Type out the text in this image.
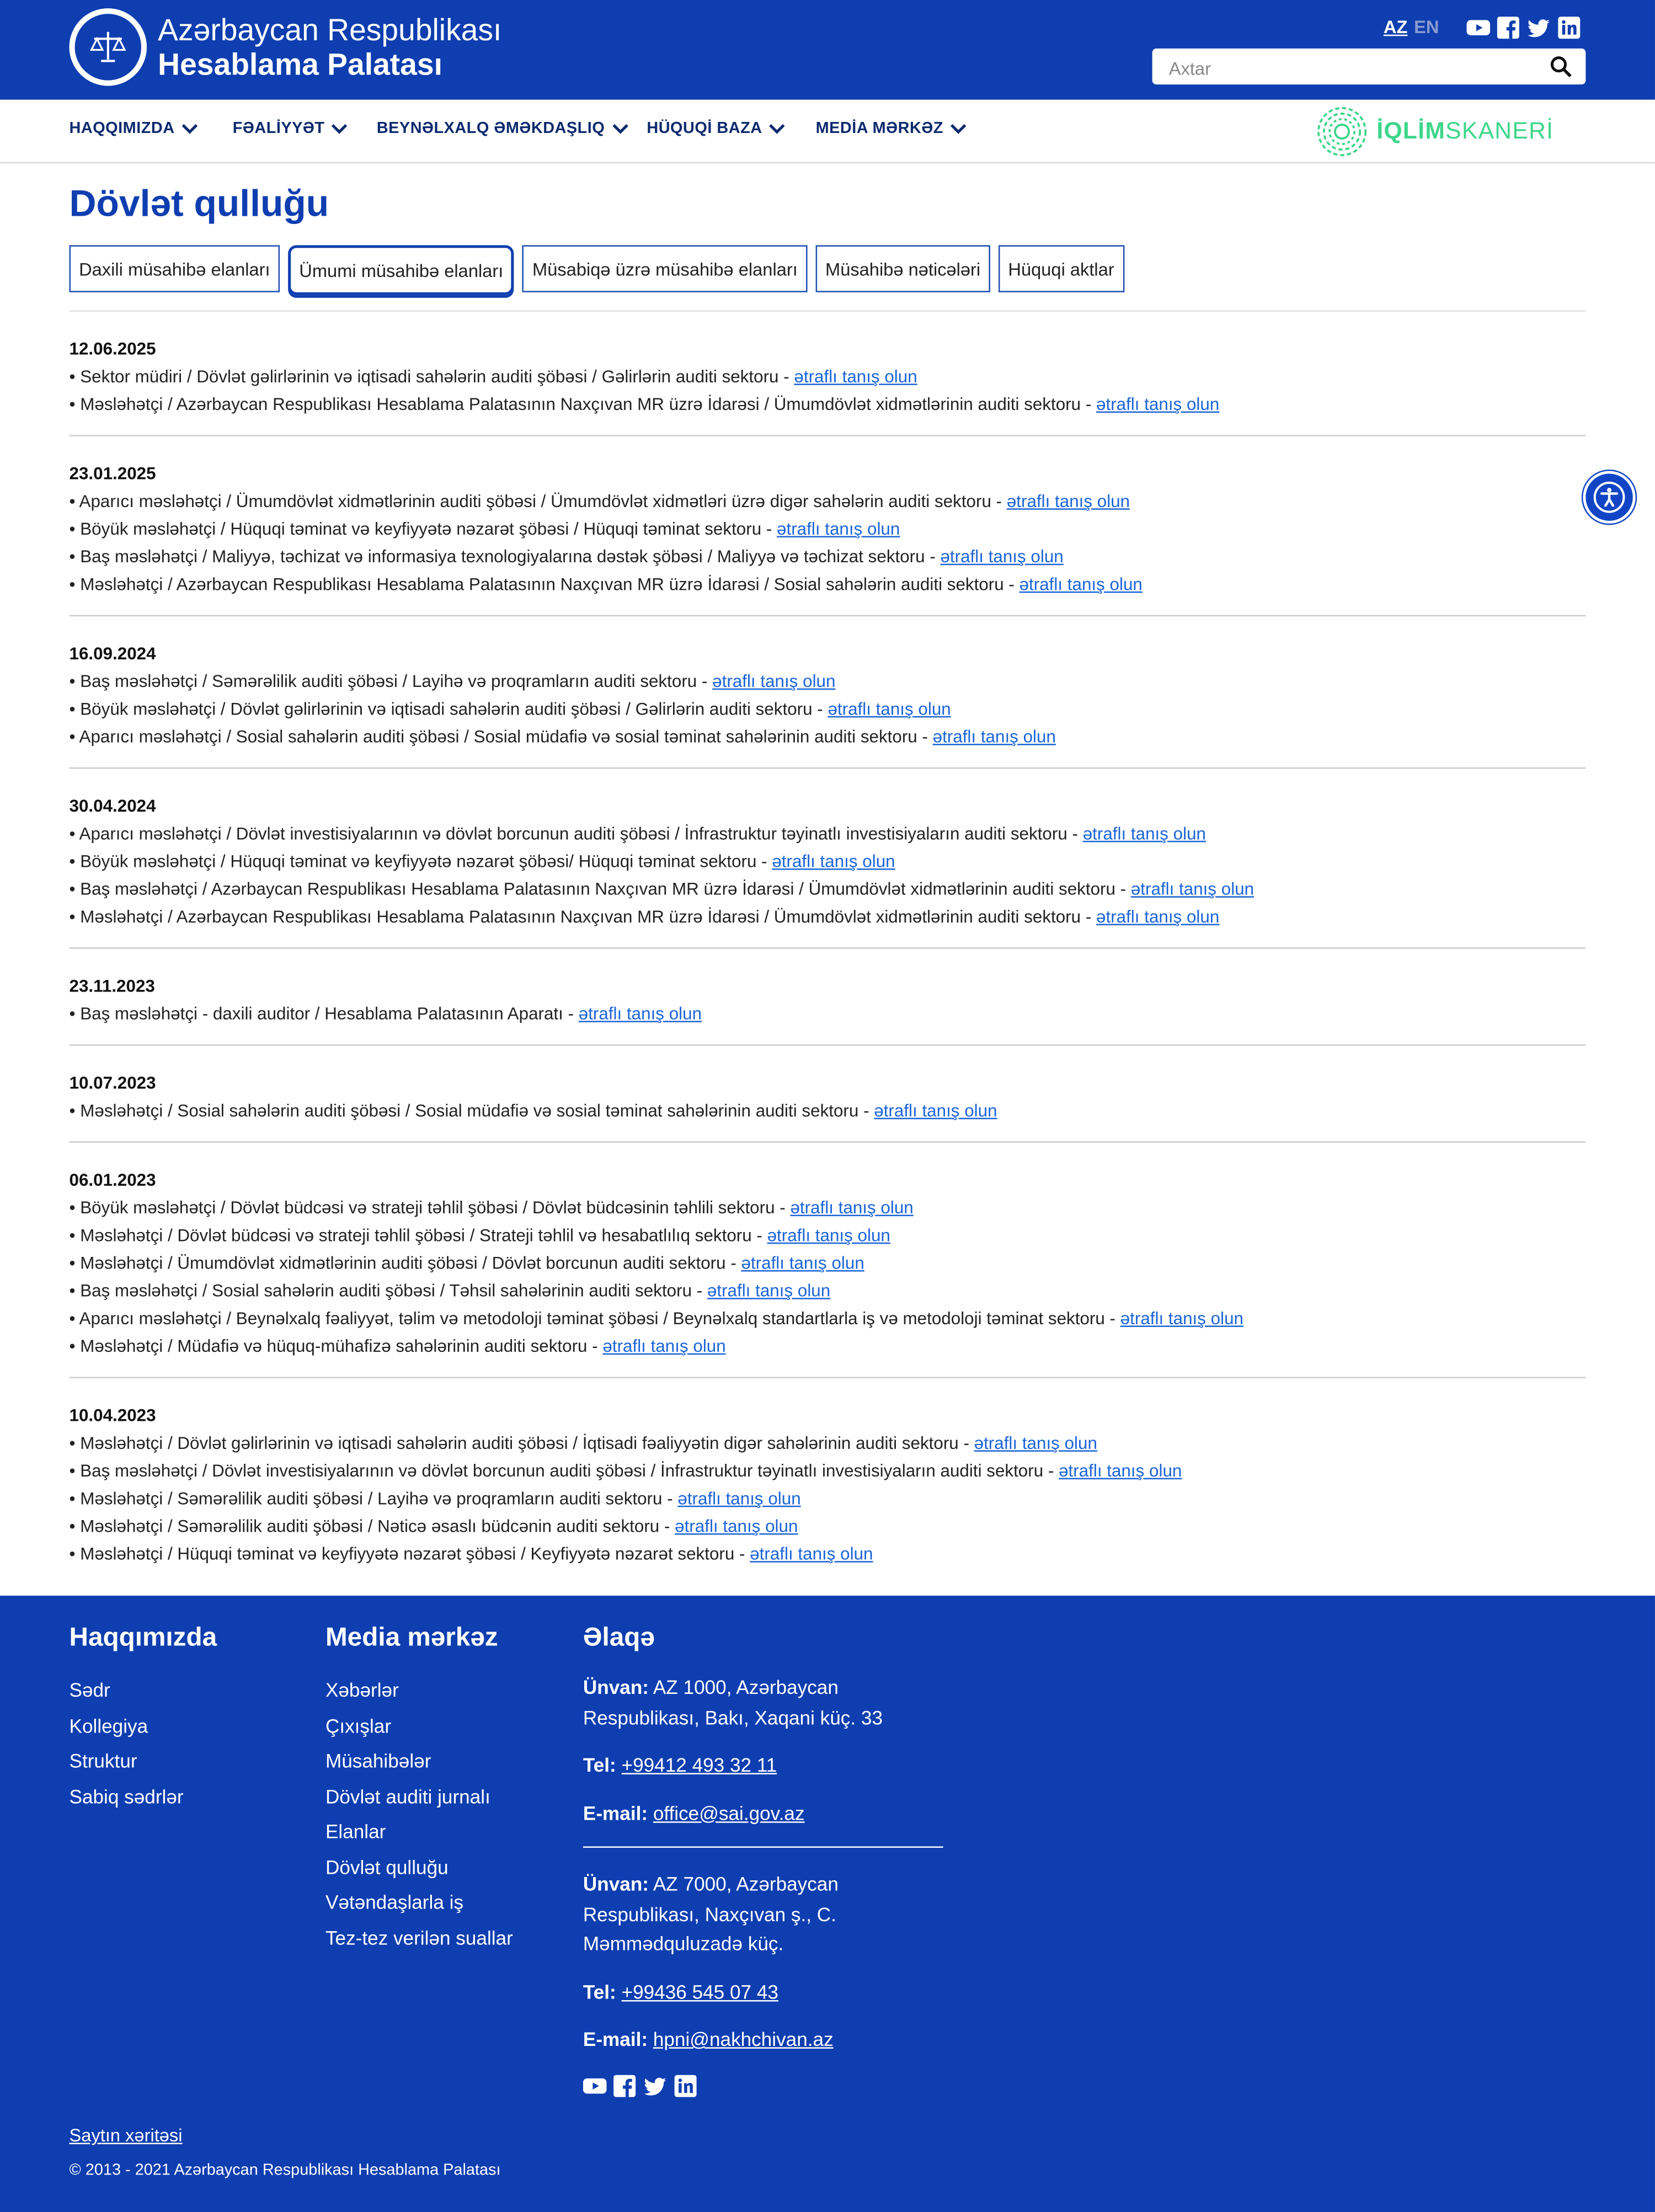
Azərbaycan Respublikası
Hesablama Palatası
AZ EN
Axtar
HAQQIMIZDA	FƏALİYYƏT	BEYNƏLXALQ ƏMƏKDAŞLIQ	HÜQUQİ BAZA	MEDİA MƏRKƏZ	İQLİMSKANERİ
Dövlət qulluğu
Daxili müsahibə elanları	Ümumi müsahibə elanları	Müsabiqə üzrə müsahibə elanları	Müsahibə nəticələri	Hüquqi aktlar
12.06.2025
• Sektor müdiri / Dövlət gəlirlərinin və iqtisadi sahələrin auditi şöbəsi / Gəlirlərin auditi sektoru - ətraflı tanış olun
• Məsləhətçi / Azərbaycan Respublikası Hesablama Palatasının Naxçıvan MR üzrə İdarəsi / Ümumdövlət xidmətlərinin auditi sektoru - ətraflı tanış olun
23.01.2025
• Aparıcı məsləhətçi / Ümumdövlət xidmətlərinin auditi şöbəsi / Ümumdövlət xidmətləri üzrə digər sahələrin auditi sektoru - ətraflı tanış olun
• Böyük məsləhətçi / Hüquqi təminat və keyfiyyətə nəzarət şöbəsi / Hüquqi təminat sektoru - ətraflı tanış olun
• Baş məsləhətçi / Maliyyə, təchizat və informasiya texnologiyalarına dəstək şöbəsi / Maliyyə və təchizat sektoru - ətraflı tanış olun
• Məsləhətçi / Azərbaycan Respublikası Hesablama Palatasının Naxçıvan MR üzrə İdarəsi / Sosial sahələrin auditi sektoru - ətraflı tanış olun
16.09.2024
• Baş məsləhətçi / Səmərəlilik auditi şöbəsi / Layihə və proqramların auditi sektoru - ətraflı tanış olun
• Böyük məsləhətçi / Dövlət gəlirlərinin və iqtisadi sahələrin auditi şöbəsi / Gəlirlərin auditi sektoru - ətraflı tanış olun
• Aparıcı məsləhətçi / Sosial sahələrin auditi şöbəsi / Sosial müdafiə və sosial təminat sahələrinin auditi sektoru - ətraflı tanış olun
30.04.2024
• Aparıcı məsləhətçi / Dövlət investisiyalarının və dövlət borcunun auditi şöbəsi / İnfrastruktur təyinatlı investisiyaların auditi sektoru - ətraflı tanış olun
• Böyük məsləhətçi / Hüquqi təminat və keyfiyyətə nəzarət şöbəsi/ Hüquqi təminat sektoru - ətraflı tanış olun
• Baş məsləhətçi / Azərbaycan Respublikası Hesablama Palatasının Naxçıvan MR üzrə İdarəsi / Ümumdövlət xidmətlərinin auditi sektoru - ətraflı tanış olun
• Məsləhətçi / Azərbaycan Respublikası Hesablama Palatasının Naxçıvan MR üzrə İdarəsi / Ümumdövlət xidmətlərinin auditi sektoru - ətraflı tanış olun
23.11.2023
• Baş məsləhətçi - daxili auditor / Hesablama Palatasının Aparatı - ətraflı tanış olun
10.07.2023
• Məsləhətçi / Sosial sahələrin auditi şöbəsi / Sosial müdafiə və sosial təminat sahələrinin auditi sektoru - ətraflı tanış olun
06.01.2023
• Böyük məsləhətçi / Dövlət büdcəsi və strateji təhlil şöbəsi / Dövlət büdcəsinin təhlili sektoru - ətraflı tanış olun
• Məsləhətçi / Dövlət büdcəsi və strateji təhlil şöbəsi / Strateji təhlil və hesabatlılıq sektoru - ətraflı tanış olun
• Məsləhətçi / Ümumdövlət xidmətlərinin auditi şöbəsi / Dövlət borcunun auditi sektoru - ətraflı tanış olun
• Baş məsləhətçi / Sosial sahələrin auditi şöbəsi / Təhsil sahələrinin auditi sektoru - ətraflı tanış olun
• Aparıcı məsləhətçi / Beynəlxalq fəaliyyət, təlim və metodoloji təminat şöbəsi / Beynəlxalq standartlarla iş və metodoloji təminat sektoru - ətraflı tanış olun
• Məsləhətçi / Müdafiə və hüquq-mühafizə sahələrinin auditi sektoru - ətraflı tanış olun
10.04.2023
• Məsləhətçi / Dövlət gəlirlərinin və iqtisadi sahələrin auditi şöbəsi / İqtisadi fəaliyyətin digər sahələrinin auditi sektoru - ətraflı tanış olun
• Baş məsləhətçi / Dövlət investisiyalarının və dövlət borcunun auditi şöbəsi / İnfrastruktur təyinatlı investisiyaların auditi sektoru - ətraflı tanış olun
• Məsləhətçi / Səmərəlilik auditi şöbəsi / Layihə və proqramların auditi sektoru - ətraflı tanış olun
• Məsləhətçi / Səmərəlilik auditi şöbəsi / Nəticə əsaslı büdcənin auditi sektoru - ətraflı tanış olun
• Məsləhətçi / Hüquqi təminat və keyfiyyətə nəzarət şöbəsi / Keyfiyyətə nəzarət sektoru - ətraflı tanış olun
Haqqımızda
Sədr
Kollegiya
Struktur
Sabiq sədrlər
Media mərkəz
Xəbərlər
Çıxışlar
Müsahibələr
Dövlət auditi jurnalı
Elanlar
Dövlət qulluğu
Vətəndaşlarla iş
Tez-tez verilən suallar
Əlaqə

Ünvan: AZ 1000, Azərbaycan Respublikası, Bakı, Xaqani küç. 33

Tel: +99412 493 32 11

E-mail: office@sai.gov.az

Ünvan: AZ 7000, Azərbaycan Respublikası, Naxçıvan ş., C. Məmmədquluzadə küç.

Tel: +99436 545 07 43

E-mail: hpni@nakhchivan.az

Saytın xəritəsi
© 2013 - 2021 Azərbaycan Respublikası Hesablama Palatası
